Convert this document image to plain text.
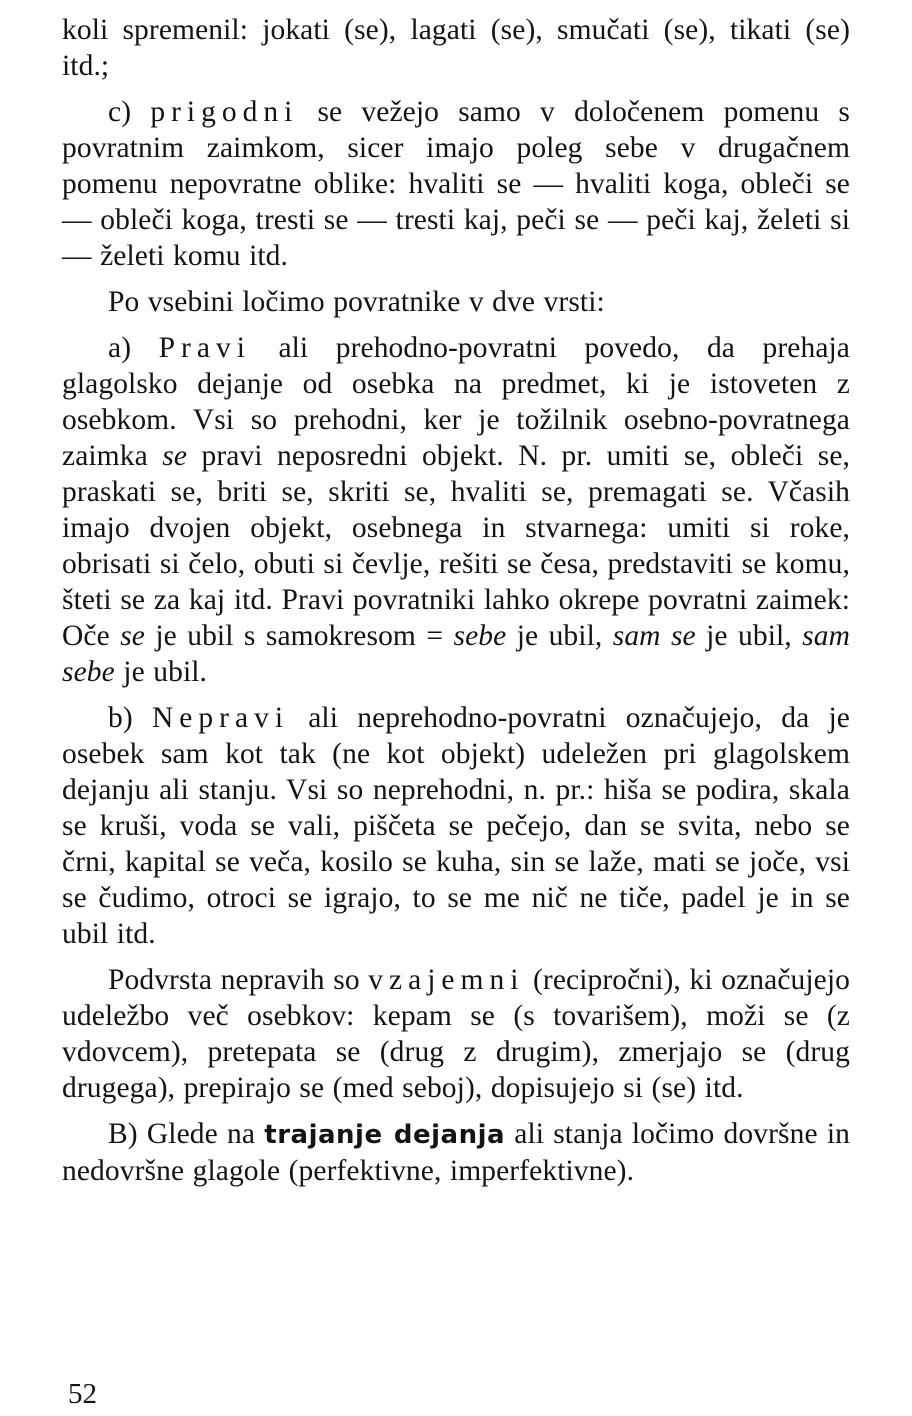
koli spremenil: jokati (se), lagati (se), smučati (se), tikati (se) itd.;

c) prigodni se vežejo samo v določenem pomenu s povratnim zaimkom, sicer imajo poleg sebe v drugačnem pomenu nepovratne oblike: hvaliti se — hvaliti koga, obleči se — obleči koga, tresti se — tresti kaj, peči se — peči kaj, želeti si — želeti komu itd.

Po vsebini ločimo povratnike v dve vrsti:

a) Pravi ali prehodno-povratni povedo, da prehaja glagolsko dejanje od osebka na predmet, ki je istoveten z osebkom. Vsi so prehodni, ker je tožilnik osebno-povratnega zaimka se pravi neposredni objekt. N. pr. umiti se, obleči se, praskati se, briti se, skriti se, hvaliti se, premagati se. Včasih imajo dvojen objekt, osebnega in stvarnega: umiti si roke, obrisati si čelo, obuti si čevlje, rešiti se česa, predstaviti se komu, šteti se za kaj itd. Pravi povratniki lahko okrepe povratni zaimek: Oče se je ubil s samokresom = sebe je ubil, sam se je ubil, sam sebe je ubil.

b) Nepravi ali neprehodno-povratni označujejo, da je osebek sam kot tak (ne kot objekt) udeležen pri glagolskem dejanju ali stanju. Vsi so neprehodni, n. pr.: hiša se podira, skala se kruši, voda se vali, piščeta se pečejo, dan se svita, nebo se črni, kapital se veča, kosilo se kuha, sin se laže, mati se joče, vsi se čudimo, otroci se igrajo, to se me nič ne tiče, padel je in se ubil itd.

Podvrsta nepravih so vzajemni (recipročni), ki označujejo udeležbo več osebkov: kepam se (s tovarišem), moži se (z vdovcem), pretepata se (drug z drugim), zmerjajo se (drug drugega), prepirajo se (med seboj), dopisujejo si (se) itd.

B) Glede na trajanje dejanja ali stanja ločimo dovršne in nedovršne glagole (perfektivne, imperfektivne).

52
